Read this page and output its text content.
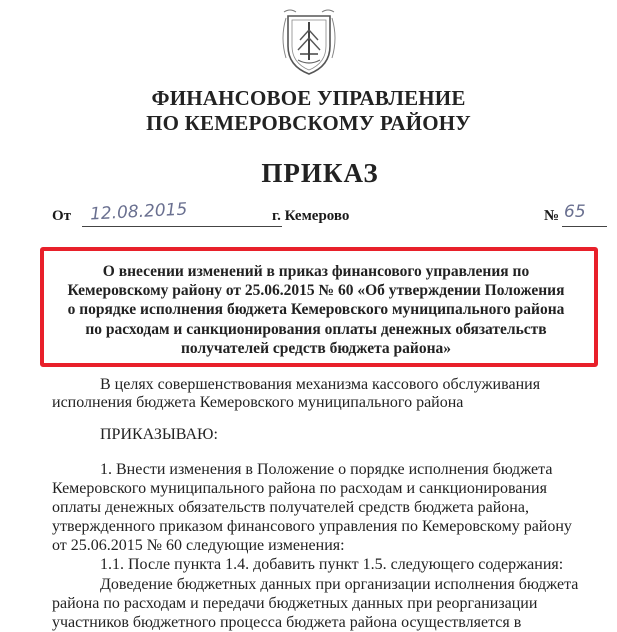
ФИНАНСОВОЕ УПРАВЛЕНИЕ
ПО КЕМЕРОВСКОМУ РАЙОНУ
ПРИКАЗ
От 12.08.2015	г. Кемерово	№ 65
О внесении изменений в приказ финансового управления по
Кемеровскому району от 25.06.2015 № 60 «Об утверждении Положения
о порядке исполнения бюджета Кемеровского муниципального района
по расходам и санкционирования оплаты денежных обязательств
получателей средств бюджета района»
В целях совершенствования механизма кассового обслуживания
исполнения бюджета Кемеровского муниципального района
ПРИКАЗЫВАЮ:
1. Внести изменения в Положение о порядке исполнения бюджета
Кемеровского муниципального района по расходам и санкционирования
оплаты денежных обязательств получателей средств бюджета района,
утвержденного приказом финансового управления по Кемеровскому району
от 25.06.2015 № 60 следующие изменения:
1.1. После пункта 1.4. добавить пункт 1.5. следующего содержания:
Доведение бюджетных данных при организации исполнения бюджета
района по расходам и передачи бюджетных данных при реорганизации
участников бюджетного процесса бюджета района осуществляется в
